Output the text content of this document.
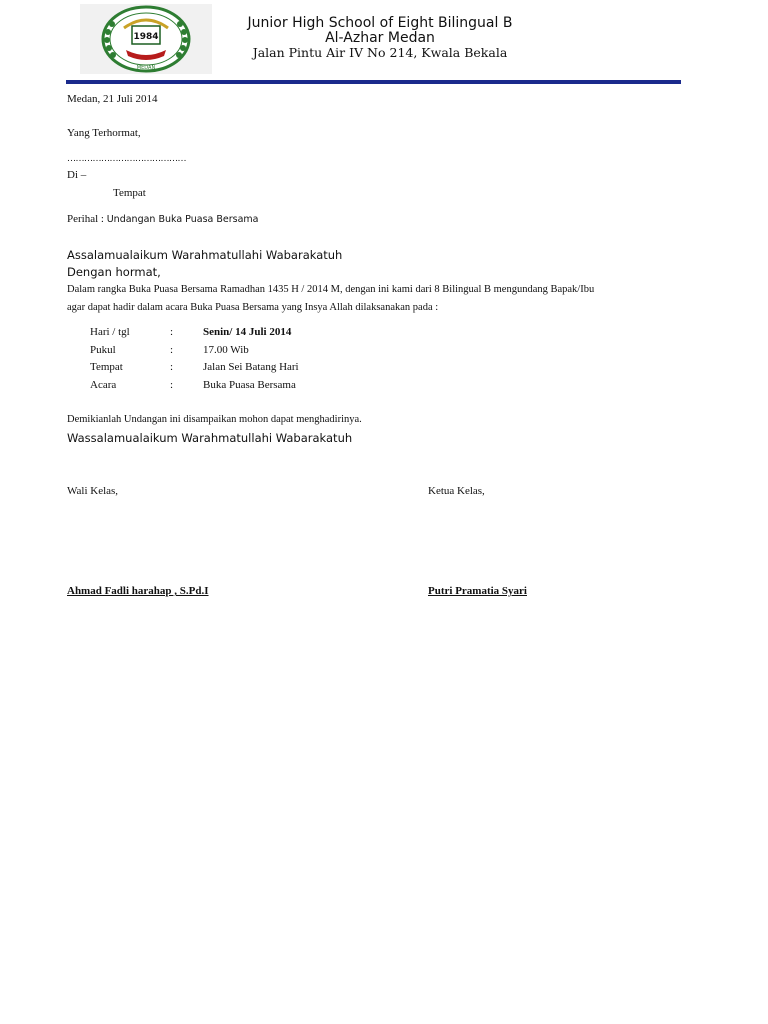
1984
MEDAN
Junior High School of Eight Bilingual B
Al-Azhar Medan
Jalan Pintu Air IV No 214, Kwala Bekala
Medan, 21 Juli 2014
Yang Terhormat,
……………………………………
Di –
Tempat
Perihal : Undangan Buka Puasa Bersama
Assalamualaikum Warahmatullahi Wabarakatuh
Dengan hormat,
Dalam rangka Buka Puasa Bersama Ramadhan 1435 H / 2014 M, dengan ini kami dari 8 Bilingual B mengundang Bapak/Ibu
agar dapat hadir dalam acara Buka Puasa Bersama yang Insya Allah dilaksanakan pada :
Hari / tgl	:	Senin/ 14 Juli 2014
Pukul	:	17.00 Wib
Tempat	:	Jalan Sei Batang Hari
Acara	:	Buka Puasa Bersama
Demikianlah Undangan ini disampaikan mohon dapat menghadirinya.
Wassalamualaikum Warahmatullahi Wabarakatuh
Wali Kelas,	Ketua Kelas,
Ahmad Fadli harahap , S.Pd.I	Putri Pramatia Syari
